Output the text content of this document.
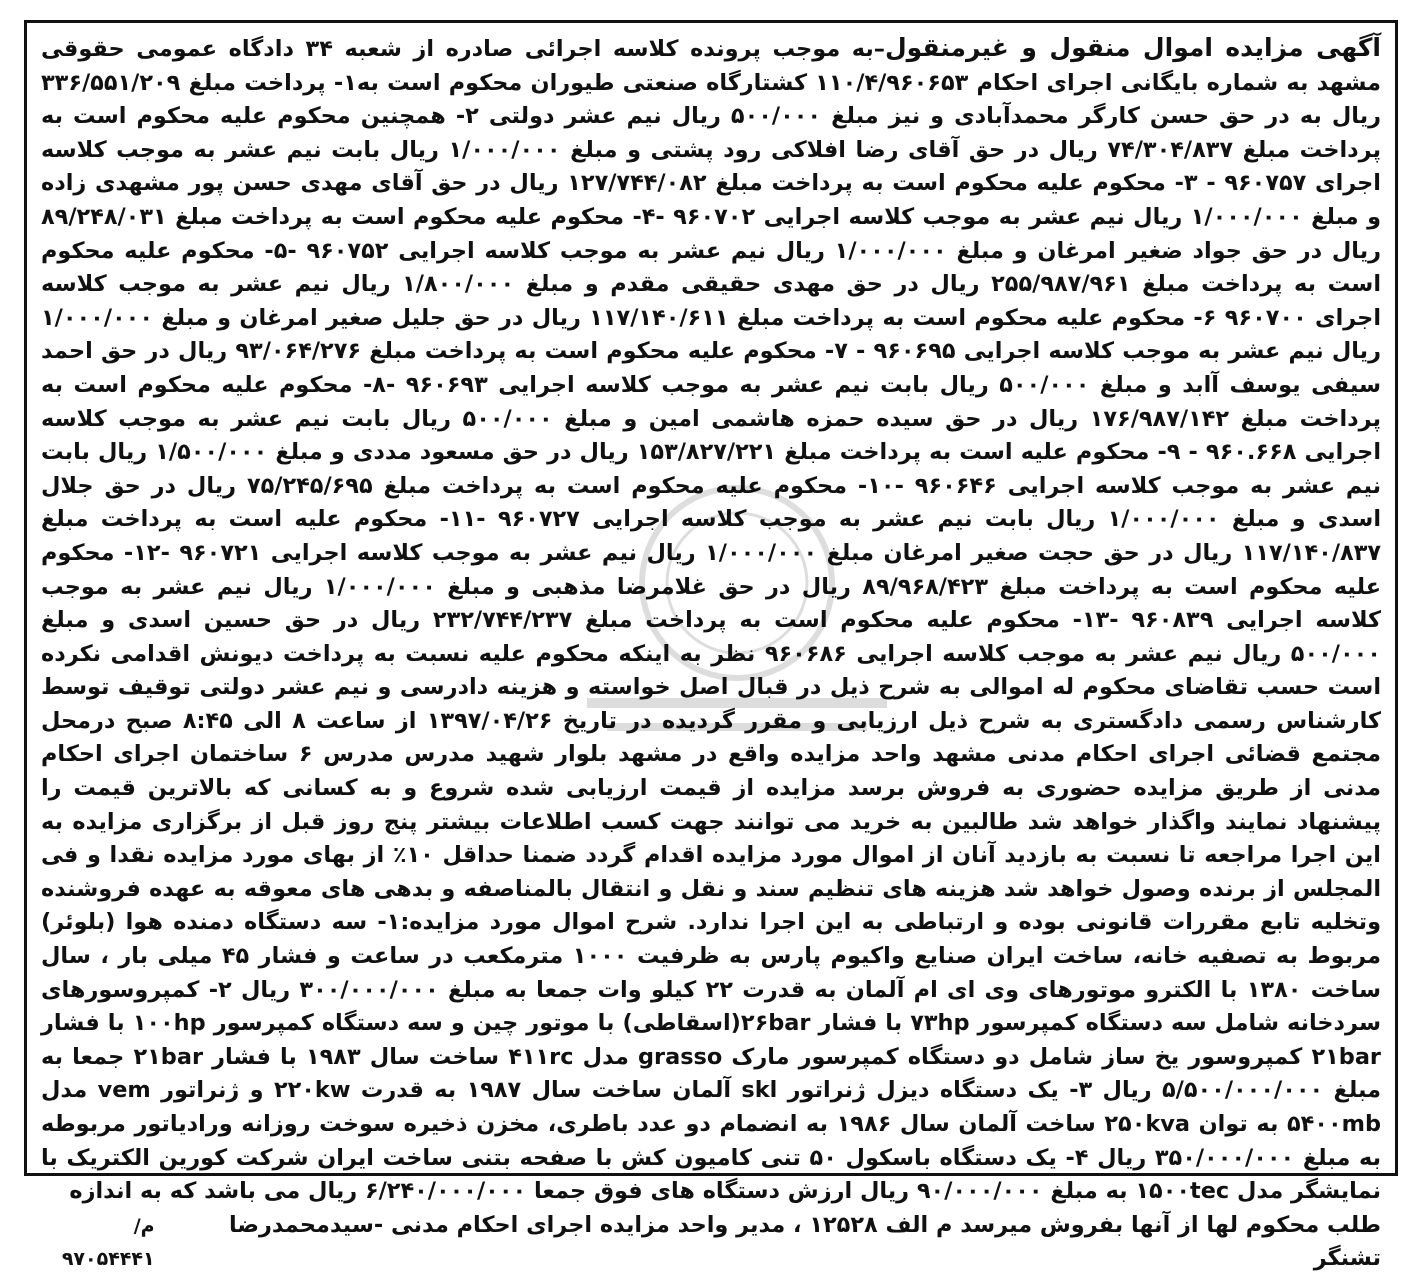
آگهی مزایده اموال منقول و غیرمنقول–به موجب پرونده کلاسه اجرائی صادره از شعبه ۳۴ دادگاه عمومی حقوقی مشهد به شماره بایگانی اجرای احکام ۱۱۰/۴/۹۶۰۶۵۳ کشتارگاه صنعتی طیوران محکوم است به۱- پرداخت مبلغ ۳۳۶/۵۵۱/۲۰۹ ریال به در حق حسن کارگر محمدآبادی و نیز مبلغ ۵۰۰/۰۰۰ ریال نیم عشر دولتی ۲- همچنین محکوم علیه محکوم است به پرداخت مبلغ ۷۴/۳۰۴/۸۳۷ ریال در حق آقای رضا افلاکی رود پشتی و مبلغ ۱/۰۰۰/۰۰۰ ریال بابت نیم عشر به موجب کلاسه اجرای ۹۶۰۷۵۷ - ۳- محکوم علیه محکوم است به پرداخت مبلغ ۱۲۷/۷۴۴/۰۸۲ ریال در حق آقای مهدی حسن پور مشهدی زاده و مبلغ ۱/۰۰۰/۰۰۰ ریال نیم عشر به موجب کلاسه اجرایی ۹۶۰۷۰۲ -۴- محکوم علیه محکوم است به پرداخت مبلغ ۸۹/۲۴۸/۰۳۱ ریال در حق جواد ضغیر امرغان و مبلغ ۱/۰۰۰/۰۰۰ ریال نیم عشر به موجب کلاسه اجرایی ۹۶۰۷۵۲ -۵- محکوم علیه محکوم است به پرداخت مبلغ ۲۵۵/۹۸۷/۹۶۱ ریال در حق مهدی حقیقی مقدم و مبلغ ۱/۸۰۰/۰۰۰ ریال نیم عشر به موجب کلاسه اجرای ۹۶۰۷۰۰ ۶- محکوم علیه محکوم است به پرداخت مبلغ ۱۱۷/۱۴۰/۶۱۱ ریال در حق جلیل صغیر امرغان و مبلغ ۱/۰۰۰/۰۰۰ ریال نیم عشر به موجب کلاسه اجرایی ۹۶۰۶۹۵ - ۷- محکوم علیه محکوم است به پرداخت مبلغ ۹۳/۰۶۴/۲۷۶ ریال در حق احمد سیفی یوسف آابد و مبلغ ۵۰۰/۰۰۰ ریال بابت نیم عشر به موجب کلاسه اجرایی ۹۶۰۶۹۳ -۸- محکوم علیه محکوم است به پرداخت مبلغ ۱۷۶/۹۸۷/۱۴۲ ریال در حق سیده حمزه هاشمی امین و مبلغ ۵۰۰/۰۰۰ ریال بابت نیم عشر به موجب کلاسه اجرایی ۹۶۰.۶۶۸ - ۹- محکوم علیه است به پرداخت مبلغ ۱۵۳/۸۲۷/۲۲۱ ریال در حق مسعود مددی و مبلغ ۱/۵۰۰/۰۰۰ ریال بابت نیم عشر به موجب کلاسه اجرایی ۹۶۰۶۴۶ -۱۰- محکوم علیه محکوم است به پرداخت مبلغ ۷۵/۲۴۵/۶۹۵ ریال در حق جلال اسدی و مبلغ ۱/۰۰۰/۰۰۰ ریال بابت نیم عشر به موجب کلاسه اجرایی ۹۶۰۷۲۷ -۱۱- محکوم علیه است به پرداخت مبلغ ۱۱۷/۱۴۰/۸۳۷ ریال در حق حجت صغیر امرغان مبلغ ۱/۰۰۰/۰۰۰ ریال نیم عشر به موجب کلاسه اجرایی ۹۶۰۷۲۱ -۱۲- محکوم علیه محکوم است به پرداخت مبلغ ۸۹/۹۶۸/۴۲۳ ریال در حق غلامرضا مذهبی و مبلغ ۱/۰۰۰/۰۰۰ ریال نیم عشر به موجب کلاسه اجرایی ۹۶۰۸۳۹ -۱۳- محکوم علیه محکوم است به پرداخت مبلغ ۲۳۲/۷۴۴/۲۳۷ ریال در حق حسین اسدی و مبلغ ۵۰۰/۰۰۰ ریال نیم عشر به موجب کلاسه اجرایی ۹۶۰۶۸۶ نظر به اینکه محکوم علیه نسبت به پرداخت دیونش اقدامی نکرده است حسب تقاضای محکوم له اموالی به شرح ذیل در قبال اصل خواسته و هزینه دادرسی و نیم عشر دولتی توقیف توسط کارشناس رسمی دادگستری به شرح ذیل ارزیابی و مقرر گردیده در تاریخ ۱۳۹۷/۰۴/۲۶ از ساعت ۸ الی ۸:۴۵ صبح درمحل مجتمع قضائی اجرای احکام مدنی مشهد واحد مزایده واقع در مشهد بلوار شهید مدرس مدرس ۶ ساختمان اجرای احکام مدنی از طریق مزایده حضوری به فروش برسد مزایده از قیمت ارزیابی شده شروع و به کسانی که بالاترین قیمت را پیشنهاد نمایند واگذار خواهد شد طالبین به خرید می توانند جهت کسب اطلاعات بیشتر پنج روز قبل از برگزاری مزایده به این اجرا مراجعه تا نسبت به بازدید آنان از اموال مورد مزایده اقدام گردد ضمنا حداقل ۱۰٪ از بهای مورد مزایده نقدا و فی المجلس از برنده وصول خواهد شد هزینه های تنظیم سند و نقل و انتقال بالمناصفه و بدهی های معوقه به عهده فروشنده وتخلیه تابع مقررات قانونی بوده و ارتباطی به این اجرا ندارد. شرح اموال مورد مزایده:۱- سه دستگاه دمنده هوا (بلوئر) مربوط به تصفیه خانه، ساخت ایران صنایع واکیوم پارس به ظرفیت ۱۰۰۰ مترمکعب در ساعت و فشار ۴۵ میلی بار ، سال ساخت ۱۳۸۰ با الکترو موتورهای وی ای ام آلمان به قدرت ۲۲ کیلو وات جمعا به مبلغ ۳۰۰/۰۰۰/۰۰۰ ریال ۲- کمپروسورهای سردخانه شامل سه دستگاه کمپرسور ۷۳hp با فشار ۲۶bar(اسقاطی) با موتور چین و سه دستگاه کمپرسور ۱۰۰hp با فشار ۲۱bar کمپروسور یخ ساز شامل دو دستگاه کمپرسور مارک grasso مدل ۴۱۱rc ساخت سال ۱۹۸۳ با فشار ۲۱bar جمعا به مبلغ ۵/۵۰۰/۰۰۰/۰۰۰ ریال ۳- یک دستگاه دیزل ژنراتور skl آلمان ساخت سال ۱۹۸۷ به قدرت ۲۲۰kw و ژنراتور vem مدل ۵۴۰۰mb به توان ۲۵۰kva ساخت آلمان سال ۱۹۸۶ به انضمام دو عدد باطری، مخزن ذخیره سوخت روزانه ورادیاتور مربوطه به مبلغ ۳۵۰/۰۰۰/۰۰۰ ریال ۴- یک دستگاه باسکول ۵۰ تنی کامیون کش با صفحه بتنی ساخت ایران شرکت کورین الکتریک با نمایشگر مدل ۱۵۰۰tec به مبلغ ۹۰/۰۰۰/۰۰۰ ریال ارزش دستگاه های فوق جمعا ۶/۲۴۰/۰۰۰/۰۰۰ ریال می باشد که به اندازه

طلب محکوم لها از آنها بفروش میرسد م الف ۱۲۵۲۸ ، مدیر واحد مزایده اجرای احکام مدنی -سیدمحمدرضا تشنگر
م/۹۷۰۵۴۴۴۱
